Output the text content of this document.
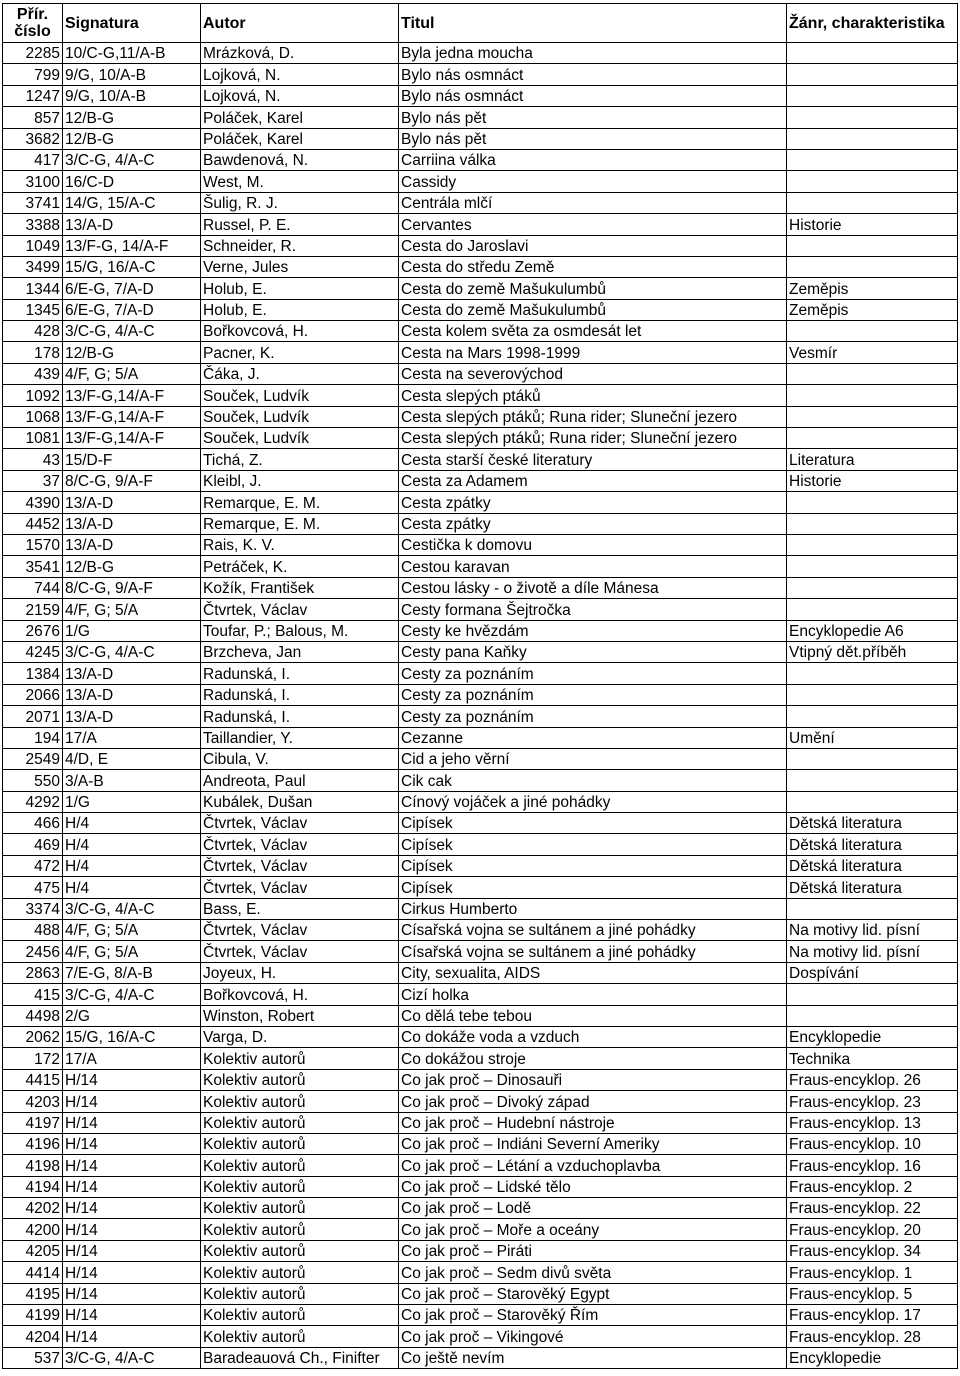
Přír.
číslo	Signatura	Autor	Titul	Žánr, charakteristika
2285	10/C-G,11/A-B	Mrázková, D.	Byla jedna moucha	
799	9/G, 10/A-B	Lojková, N.	Bylo nás osmnáct	
1247	9/G, 10/A-B	Lojková, N.	Bylo nás osmnáct	
857	12/B-G	Poláček, Karel	Bylo nás pět	
3682	12/B-G	Poláček, Karel	Bylo nás pět	
417	3/C-G, 4/A-C	Bawdenová, N.	Carriina válka	
3100	16/C-D	West, M.	Cassidy	
3741	14/G, 15/A-C	Šulig, R. J.	Centrála mlčí	
3388	13/A-D	Russel, P. E.	Cervantes	Historie
1049	13/F-G, 14/A-F	Schneider, R.	Cesta do Jaroslavi	
3499	15/G, 16/A-C	Verne, Jules	Cesta do středu Země	
1344	6/E-G, 7/A-D	Holub, E.	Cesta do země Mašukulumbů	Zeměpis
1345	6/E-G, 7/A-D	Holub, E.	Cesta do země Mašukulumbů	Zeměpis
428	3/C-G, 4/A-C	Bořkovcová, H.	Cesta kolem světa za osmdesát let	
178	12/B-G	Pacner, K.	Cesta na Mars 1998-1999	Vesmír
439	4/F, G; 5/A	Čáka, J.	Cesta na severovýchod	
1092	13/F-G,14/A-F	Souček, Ludvík	Cesta slepých ptáků	
1068	13/F-G,14/A-F	Souček, Ludvík	Cesta slepých ptáků; Runa rider; Sluneční jezero	
1081	13/F-G,14/A-F	Souček, Ludvík	Cesta slepých ptáků; Runa rider; Sluneční jezero	
43	15/D-F	Tichá, Z.	Cesta starší české literatury	Literatura
37	8/C-G, 9/A-F	Kleibl, J.	Cesta za Adamem	Historie
4390	13/A-D	Remarque, E. M.	Cesta zpátky	
4452	13/A-D	Remarque, E. M.	Cesta zpátky	
1570	13/A-D	Rais, K. V.	Cestička k domovu	
3541	12/B-G	Petráček, K.	Cestou karavan	
744	8/C-G, 9/A-F	Kožík, František	Cestou lásky - o životě a díle Mánesa	
2159	4/F, G; 5/A	Čtvrtek, Václav	Cesty formana Šejtročka	
2676	1/G	Toufar, P.; Balous, M.	Cesty ke hvězdám	Encyklopedie A6
4245	3/C-G, 4/A-C	Brzcheva, Jan	Cesty pana Kaňky	Vtipný dět.příběh
1384	13/A-D	Radunská, I.	Cesty za poznáním	
2066	13/A-D	Radunská, I.	Cesty za poznáním	
2071	13/A-D	Radunská, I.	Cesty za poznáním	
194	17/A	Taillandier, Y.	Cezanne	Umění
2549	4/D, E	Cibula, V.	Cid a jeho věrní	
550	3/A-B	Andreota, Paul	Cik cak	
4292	1/G	Kubálek, Dušan	Cínový vojáček a jiné pohádky	
466	H/4	Čtvrtek, Václav	Cipísek	Dětská literatura
469	H/4	Čtvrtek, Václav	Cipísek	Dětská literatura
472	H/4	Čtvrtek, Václav	Cipísek	Dětská literatura
475	H/4	Čtvrtek, Václav	Cipísek	Dětská literatura
3374	3/C-G, 4/A-C	Bass, E.	Cirkus Humberto	
488	4/F, G; 5/A	Čtvrtek, Václav	Císařská vojna se sultánem a jiné pohádky	Na motivy lid. písní
2456	4/F, G; 5/A	Čtvrtek, Václav	Císařská vojna se sultánem a jiné pohádky	Na motivy lid. písní
2863	7/E-G, 8/A-B	Joyeux, H.	City, sexualita, AIDS	Dospívání
415	3/C-G, 4/A-C	Bořkovcová, H.	Cizí holka	
4498	2/G	Winston, Robert	Co dělá tebe tebou	
2062	15/G, 16/A-C	Varga, D.	Co dokáže voda a vzduch	Encyklopedie
172	17/A	Kolektiv autorů	Co dokážou stroje	Technika
4415	H/14	Kolektiv autorů	Co jak proč – Dinosauři	Fraus-encyklop. 26
4203	H/14	Kolektiv autorů	Co jak proč – Divoký západ	Fraus-encyklop. 23
4197	H/14	Kolektiv autorů	Co jak proč – Hudební nástroje	Fraus-encyklop. 13
4196	H/14	Kolektiv autorů	Co jak proč – Indiáni Severní Ameriky	Fraus-encyklop. 10
4198	H/14	Kolektiv autorů	Co jak proč – Létání a vzduchoplavba	Fraus-encyklop. 16
4194	H/14	Kolektiv autorů	Co jak proč – Lidské tělo	Fraus-encyklop. 2
4202	H/14	Kolektiv autorů	Co jak proč – Lodě	Fraus-encyklop. 22
4200	H/14	Kolektiv autorů	Co jak proč – Moře a oceány	Fraus-encyklop. 20
4205	H/14	Kolektiv autorů	Co jak proč – Piráti	Fraus-encyklop. 34
4414	H/14	Kolektiv autorů	Co jak proč – Sedm divů světa	Fraus-encyklop. 1
4195	H/14	Kolektiv autorů	Co jak proč – Starověký Egypt	Fraus-encyklop. 5
4199	H/14	Kolektiv autorů	Co jak proč – Starověký Řím	Fraus-encyklop. 17
4204	H/14	Kolektiv autorů	Co jak proč – Vikingové	Fraus-encyklop. 28
537	3/C-G, 4/A-C	Baradeauová Ch., Finifter	Co ještě nevím	Encyklopedie
